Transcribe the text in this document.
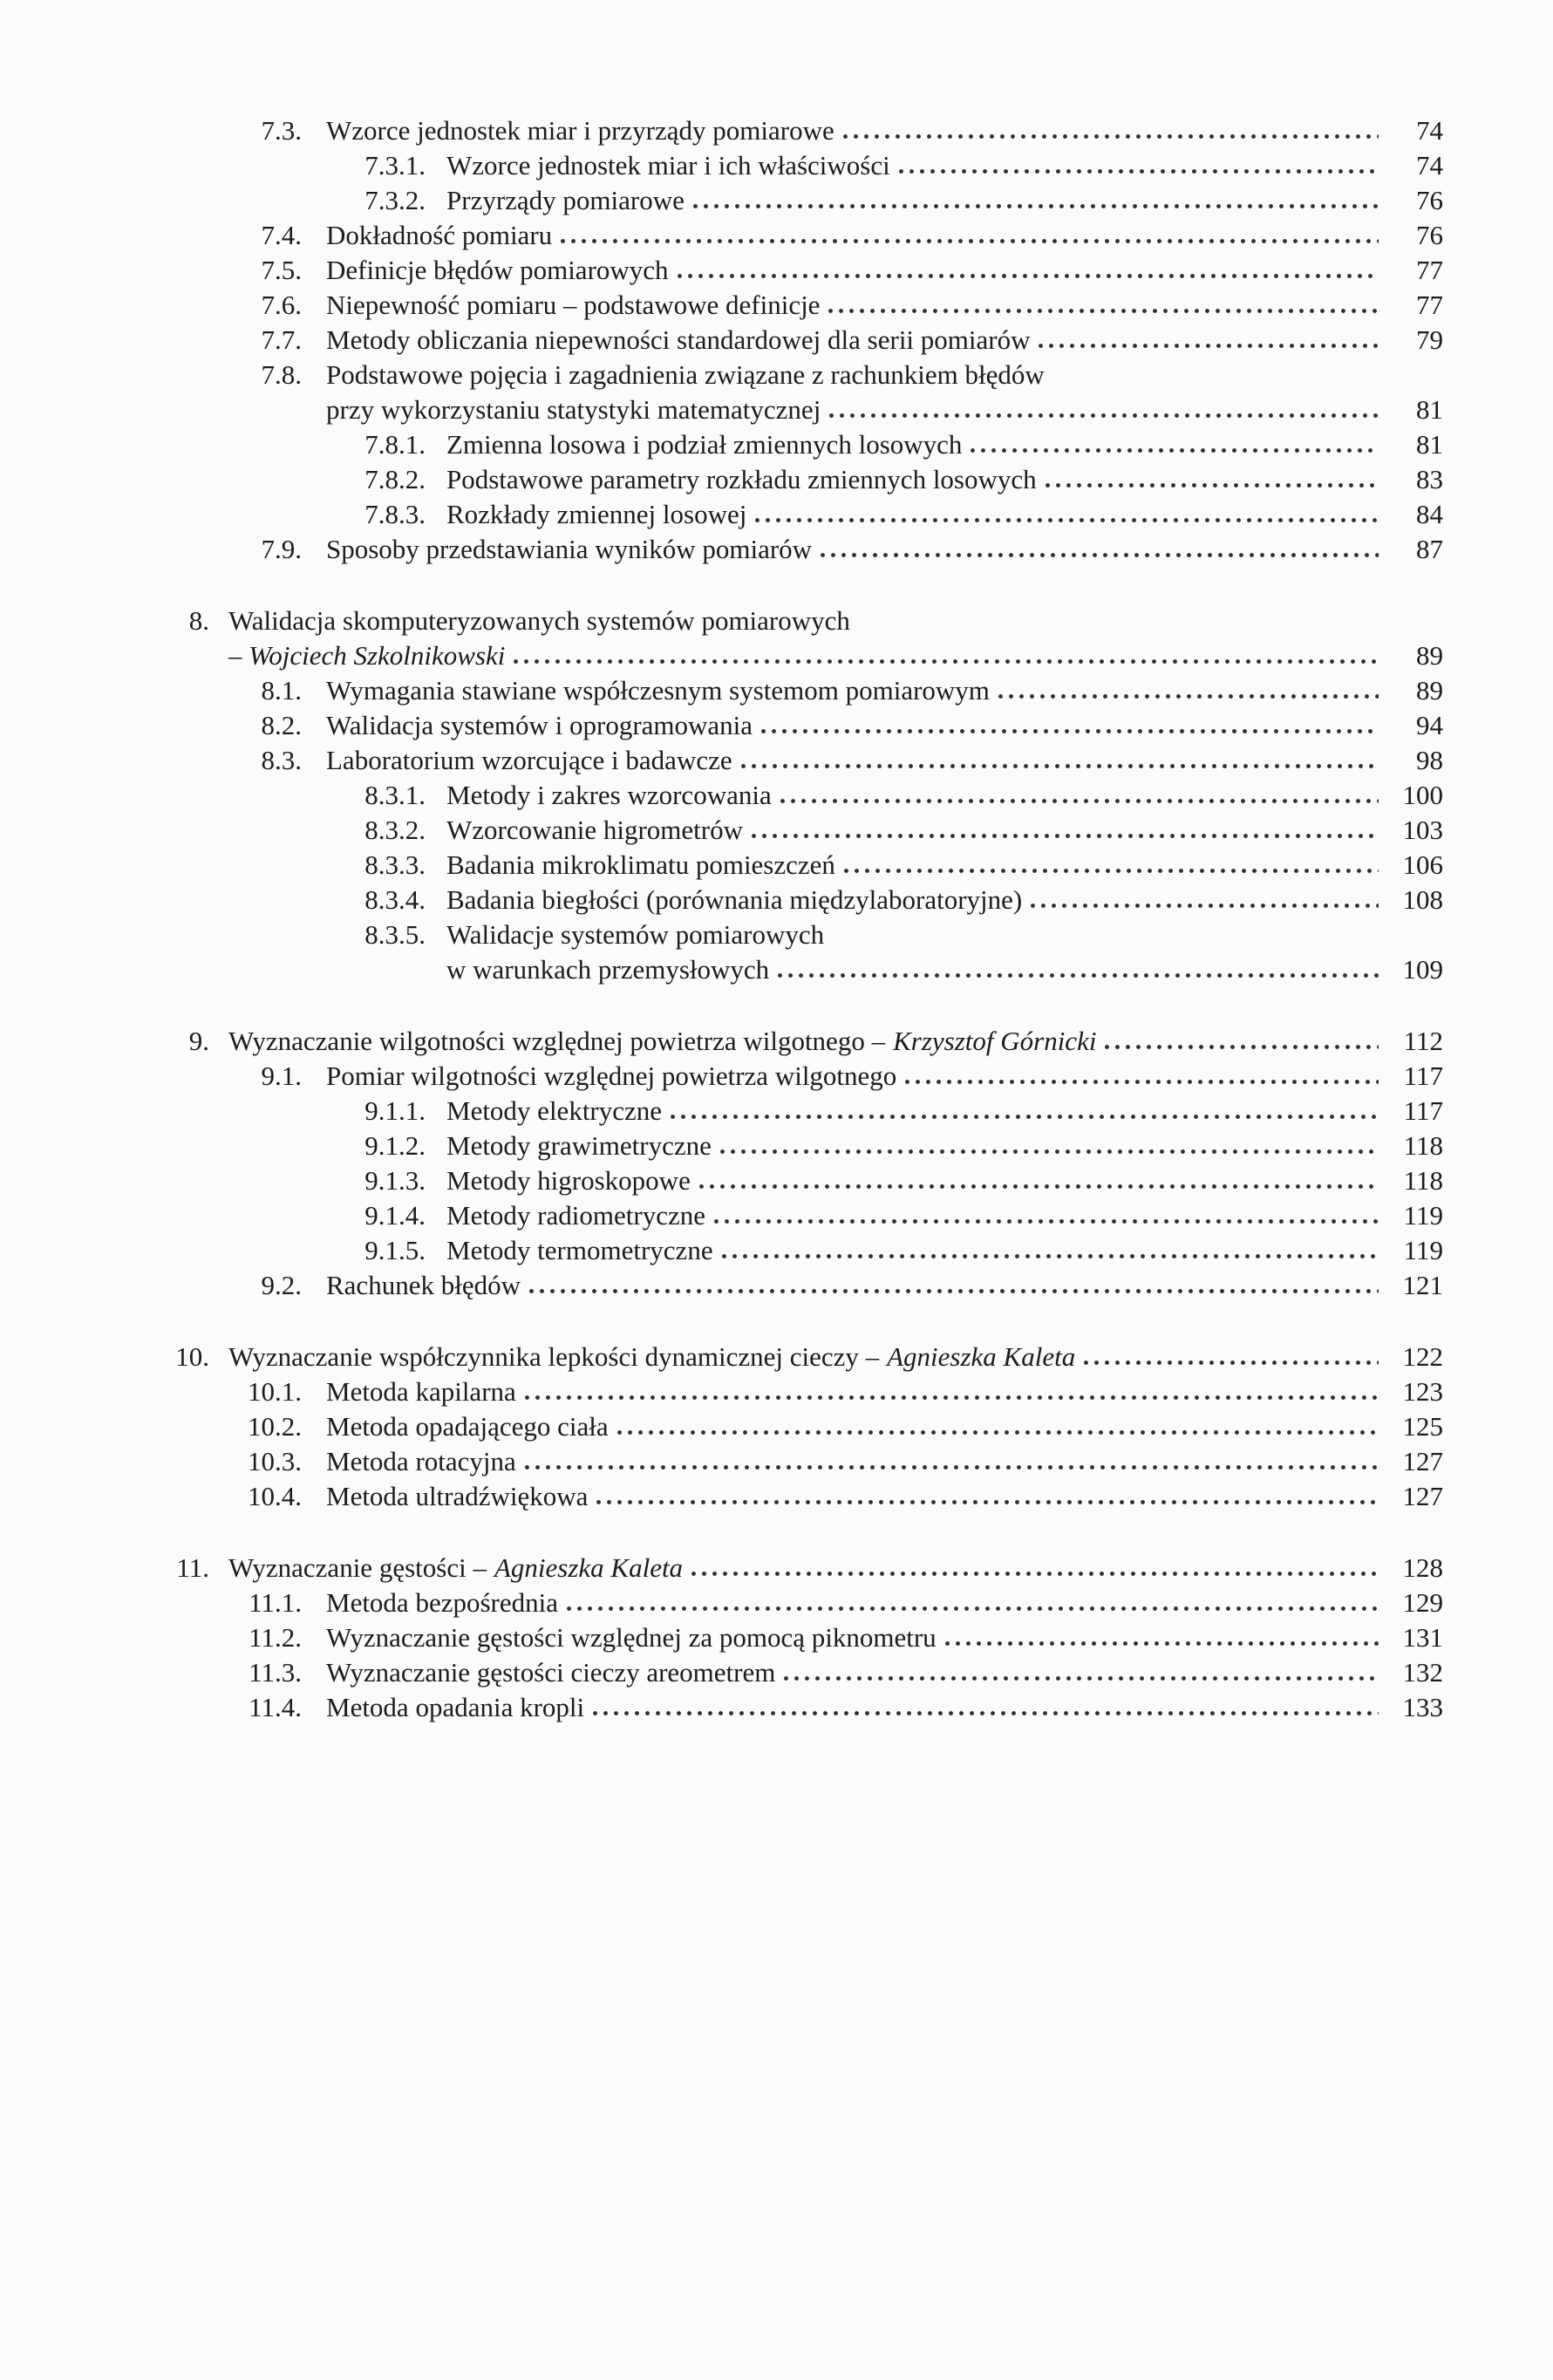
7.3. Wzorce jednostek miar i przyrządy pomiarowe	74
7.3.1. Wzorce jednostek miar i ich właściwości	74
7.3.2. Przyrządy pomiarowe	76
7.4. Dokładność pomiaru	76
7.5. Definicje błędów pomiarowych	77
7.6. Niepewność pomiaru – podstawowe definicje	77
7.7. Metody obliczania niepewności standardowej dla serii pomiarów	79
7.8. Podstawowe pojęcia i zagadnienia związane z rachunkiem błędów
przy wykorzystaniu statystyki matematycznej	81
7.8.1. Zmienna losowa i podział zmiennych losowych	81
7.8.2. Podstawowe parametry rozkładu zmiennych losowych	83
7.8.3. Rozkłady zmiennej losowej	84
7.9. Sposoby przedstawiania wyników pomiarów	87
8. Walidacja skomputeryzowanych systemów pomiarowych
– Wojciech Szkolnikowski	89
8.1. Wymagania stawiane współczesnym systemom pomiarowym	89
8.2. Walidacja systemów i oprogramowania	94
8.3. Laboratorium wzorcujące i badawcze	98
8.3.1. Metody i zakres wzorcowania	100
8.3.2. Wzorcowanie higrometrów	103
8.3.3. Badania mikroklimatu pomieszczeń	106
8.3.4. Badania biegłości (porównania międzylaboratoryjne)	108
8.3.5. Walidacje systemów pomiarowych
w warunkach przemysłowych	109
9. Wyznaczanie wilgotności względnej powietrza wilgotnego – Krzysztof Górnicki	112
9.1. Pomiar wilgotności względnej powietrza wilgotnego	117
9.1.1. Metody elektryczne	117
9.1.2. Metody grawimetryczne	118
9.1.3. Metody higroskopowe	118
9.1.4. Metody radiometryczne	119
9.1.5. Metody termometryczne	119
9.2. Rachunek błędów	121
10. Wyznaczanie współczynnika lepkości dynamicznej cieczy – Agnieszka Kaleta	122
10.1. Metoda kapilarna	123
10.2. Metoda opadającego ciała	125
10.3. Metoda rotacyjna	127
10.4. Metoda ultradźwiękowa	127
11. Wyznaczanie gęstości – Agnieszka Kaleta	128
11.1. Metoda bezpośrednia	129
11.2. Wyznaczanie gęstości względnej za pomocą piknometru	131
11.3. Wyznaczanie gęstości cieczy areometrem	132
11.4. Metoda opadania kropli	133
